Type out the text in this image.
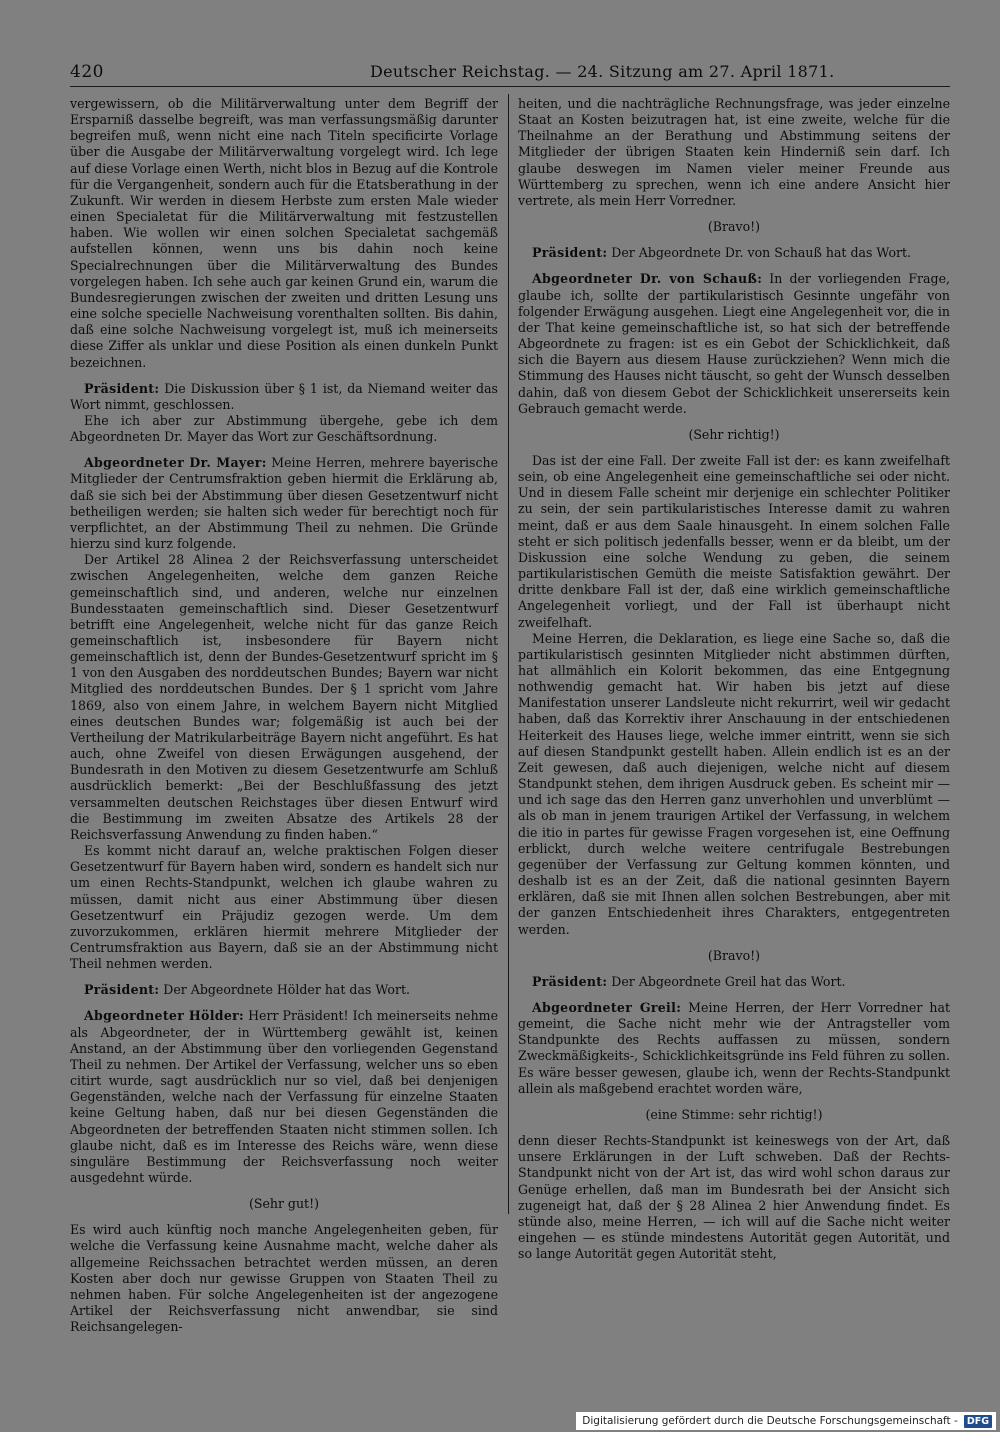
420	Deutscher Reichstag. — 24. Sitzung am 27. April 1871.

vergewissern, ob die Militärverwaltung unter dem Begriff der Ersparniß dasselbe begreift, was man verfassungsmäßig darunter begreifen muß, wenn nicht eine nach Titeln specificirte Vorlage über die Ausgabe der Militärverwaltung vorgelegt wird. Ich lege auf diese Vorlage einen Werth, nicht blos in Bezug auf die Kontrole für die Vergangenheit, sondern auch für die Etatsberathung in der Zukunft. Wir werden in diesem Herbste zum ersten Male wieder einen Specialetat für die Militärverwaltung mit festzustellen haben. Wie wollen wir einen solchen Specialetat sachgemäß aufstellen können, wenn uns bis dahin noch keine Specialrechnungen über die Militärverwaltung des Bundes vorgelegen haben. Ich sehe auch gar keinen Grund ein, warum die Bundesregierungen zwischen der zweiten und dritten Lesung uns eine solche specielle Nachweisung vorenthalten sollten. Bis dahin, daß eine solche Nachweisung vorgelegt ist, muß ich meinerseits diese Ziffer als unklar und diese Position als einen dunkeln Punkt bezeichnen.

Präsident: Die Diskussion über § 1 ist, da Niemand weiter das Wort nimmt, geschlossen.

Ehe ich aber zur Abstimmung übergehe, gebe ich dem Abgeordneten Dr. Mayer das Wort zur Geschäftsordnung.

Abgeordneter Dr. Mayer: Meine Herren, mehrere bayerische Mitglieder der Centrumsfraktion geben hiermit die Erklärung ab, daß sie sich bei der Abstimmung über diesen Gesetzentwurf nicht betheiligen werden; sie halten sich weder für berechtigt noch für verpflichtet, an der Abstimmung Theil zu nehmen. Die Gründe hierzu sind kurz folgende.

Der Artikel 28 Alinea 2 der Reichsverfassung unterscheidet zwischen Angelegenheiten, welche dem ganzen Reiche gemeinschaftlich sind, und anderen, welche nur einzelnen Bundesstaaten gemeinschaftlich sind. Dieser Gesetzentwurf betrifft eine Angelegenheit, welche nicht für das ganze Reich gemeinschaftlich ist, insbesondere für Bayern nicht gemeinschaftlich ist, denn der Bundes-Gesetzentwurf spricht im § 1 von den Ausgaben des norddeutschen Bundes; Bayern war nicht Mitglied des norddeutschen Bundes. Der § 1 spricht vom Jahre 1869, also von einem Jahre, in welchem Bayern nicht Mitglied eines deutschen Bundes war; folgemäßig ist auch bei der Vertheilung der Matrikularbeiträge Bayern nicht angeführt. Es hat auch, ohne Zweifel von diesen Erwägungen ausgehend, der Bundesrath in den Motiven zu diesem Gesetzentwurfe am Schluß ausdrücklich bemerkt: „Bei der Beschlußfassung des jetzt versammelten deutschen Reichstages über diesen Entwurf wird die Bestimmung im zweiten Absatze des Artikels 28 der Reichsverfassung Anwendung zu finden haben.“

Es kommt nicht darauf an, welche praktischen Folgen dieser Gesetzentwurf für Bayern haben wird, sondern es handelt sich nur um einen Rechts-Standpunkt, welchen ich glaube wahren zu müssen, damit nicht aus einer Abstimmung über diesen Gesetzentwurf ein Präjudiz gezogen werde. Um dem zuvorzukommen, erklären hiermit mehrere Mitglieder der Centrumsfraktion aus Bayern, daß sie an der Abstimmung nicht Theil nehmen werden.

Präsident: Der Abgeordnete Hölder hat das Wort.

Abgeordneter Hölder: Herr Präsident! Ich meinerseits nehme als Abgeordneter, der in Württemberg gewählt ist, keinen Anstand, an der Abstimmung über den vorliegenden Gegenstand Theil zu nehmen. Der Artikel der Verfassung, welcher uns so eben citirt wurde, sagt ausdrücklich nur so viel, daß bei denjenigen Gegenständen, welche nach der Verfassung für einzelne Staaten keine Geltung haben, daß nur bei diesen Gegenständen die Abgeordneten der betreffenden Staaten nicht stimmen sollen. Ich glaube nicht, daß es im Interesse des Reichs wäre, wenn diese singuläre Bestimmung der Reichsverfassung noch weiter ausgedehnt würde.

(Sehr gut!)

Es wird auch künftig noch manche Angelegenheiten geben, für welche die Verfassung keine Ausnahme macht, welche daher als allgemeine Reichssachen betrachtet werden müssen, an deren Kosten aber doch nur gewisse Gruppen von Staaten Theil zu nehmen haben. Für solche Angelegenheiten ist der angezogene Artikel der Reichsverfassung nicht anwendbar, sie sind Reichsangelegen-

heiten, und die nachträgliche Rechnungsfrage, was jeder einzelne Staat an Kosten beizutragen hat, ist eine zweite, welche für die Theilnahme an der Berathung und Abstimmung seitens der Mitglieder der übrigen Staaten kein Hinderniß sein darf. Ich glaube deswegen im Namen vieler meiner Freunde aus Württemberg zu sprechen, wenn ich eine andere Ansicht hier vertrete, als mein Herr Vorredner.

(Bravo!)

Präsident: Der Abgeordnete Dr. von Schauß hat das Wort.

Abgeordneter Dr. von Schauß: In der vorliegenden Frage, glaube ich, sollte der partikularistisch Gesinnte ungefähr von folgender Erwägung ausgehen. Liegt eine Angelegenheit vor, die in der That keine gemeinschaftliche ist, so hat sich der betreffende Abgeordnete zu fragen: ist es ein Gebot der Schicklichkeit, daß sich die Bayern aus diesem Hause zurückziehen? Wenn mich die Stimmung des Hauses nicht täuscht, so geht der Wunsch desselben dahin, daß von diesem Gebot der Schicklichkeit unsererseits kein Gebrauch gemacht werde.

(Sehr richtig!)

Das ist der eine Fall. Der zweite Fall ist der: es kann zweifelhaft sein, ob eine Angelegenheit eine gemeinschaftliche sei oder nicht. Und in diesem Falle scheint mir derjenige ein schlechter Politiker zu sein, der sein partikularistisches Interesse damit zu wahren meint, daß er aus dem Saale hinausgeht. In einem solchen Falle steht er sich politisch jedenfalls besser, wenn er da bleibt, um der Diskussion eine solche Wendung zu geben, die seinem partikularistischen Gemüth die meiste Satisfaktion gewährt. Der dritte denkbare Fall ist der, daß eine wirklich gemeinschaftliche Angelegenheit vorliegt, und der Fall ist überhaupt nicht zweifelhaft.

Meine Herren, die Deklaration, es liege eine Sache so, daß die partikularistisch gesinnten Mitglieder nicht abstimmen dürften, hat allmählich ein Kolorit bekommen, das eine Entgegnung nothwendig gemacht hat. Wir haben bis jetzt auf diese Manifestation unserer Landsleute nicht rekurrirt, weil wir gedacht haben, daß das Korrektiv ihrer Anschauung in der entschiedenen Heiterkeit des Hauses liege, welche immer eintritt, wenn sie sich auf diesen Standpunkt gestellt haben. Allein endlich ist es an der Zeit gewesen, daß auch diejenigen, welche nicht auf diesem Standpunkt stehen, dem ihrigen Ausdruck geben. Es scheint mir — und ich sage das den Herren ganz unverhohlen und unverblümt — als ob man in jenem traurigen Artikel der Verfassung, in welchem die itio in partes für gewisse Fragen vorgesehen ist, eine Oeffnung erblickt, durch welche weitere centrifugale Bestrebungen gegenüber der Verfassung zur Geltung kommen könnten, und deshalb ist es an der Zeit, daß die national gesinnten Bayern erklären, daß sie mit Ihnen allen solchen Bestrebungen, aber mit der ganzen Entschiedenheit ihres Charakters, entgegentreten werden.

(Bravo!)

Präsident: Der Abgeordnete Greil hat das Wort.

Abgeordneter Greil: Meine Herren, der Herr Vorredner hat gemeint, die Sache nicht mehr wie der Antragsteller vom Standpunkte des Rechts auffassen zu müssen, sondern Zweckmäßigkeits-, Schicklichkeitsgründe ins Feld führen zu sollen. Es wäre besser gewesen, glaube ich, wenn der Rechts-Standpunkt allein als maßgebend erachtet worden wäre,

(eine Stimme: sehr richtig!)

denn dieser Rechts-Standpunkt ist keineswegs von der Art, daß unsere Erklärungen in der Luft schweben. Daß der Rechts-Standpunkt nicht von der Art ist, das wird wohl schon daraus zur Genüge erhellen, daß man im Bundesrath bei der Ansicht sich zugeneigt hat, daß der § 28 Alinea 2 hier Anwendung findet. Es stünde also, meine Herren, — ich will auf die Sache nicht weiter eingehen — es stünde mindestens Autorität gegen Autorität, und so lange Autorität gegen Autorität steht,

Digitalisierung gefördert durch die Deutsche Forschungsgemeinschaft - DFG
